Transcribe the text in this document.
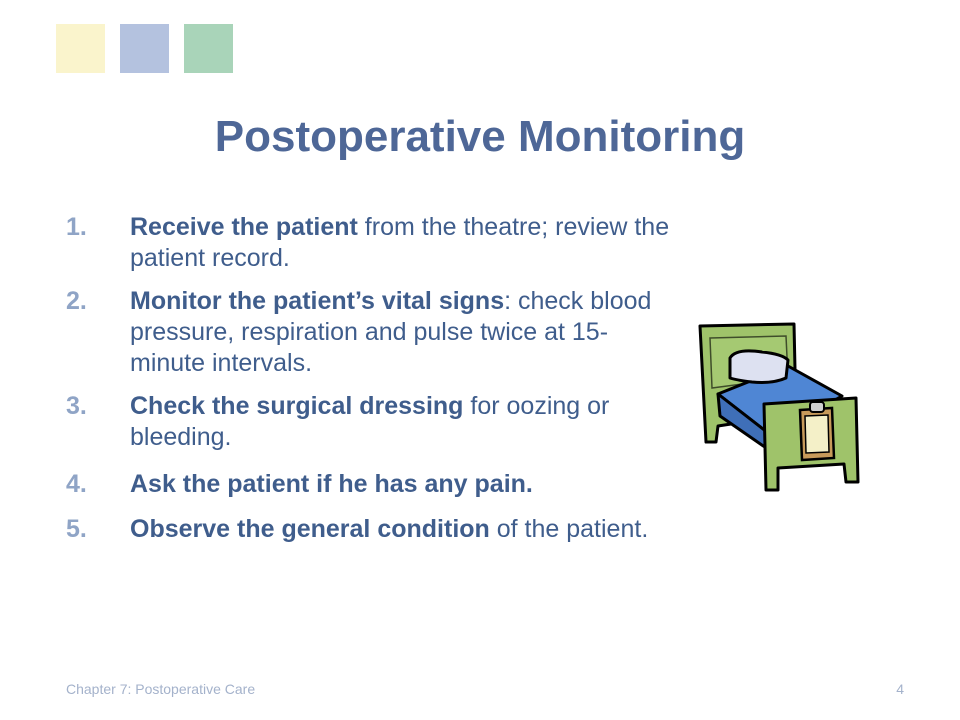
Postoperative Monitoring
1.	Receive the patient from the theatre; review the patient record.
2.	Monitor the patient’s vital signs: check blood pressure, respiration and pulse twice at 15-minute intervals.
3.	Check the surgical dressing for oozing or bleeding.
4.	Ask the patient if he has any pain.
5.	Observe the general condition of the patient.
Chapter 7: Postoperative Care	4
